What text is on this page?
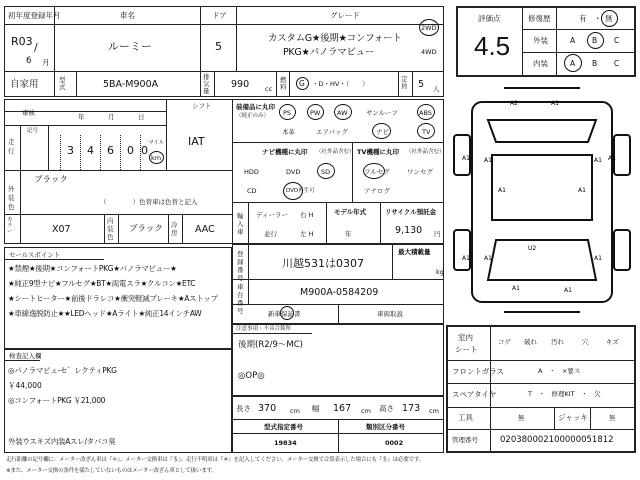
初年度登録年月
R03 /
6 月
車名
ルーミー
ドア
5
グレード
カスタムG★後期★コンフォート
PKG★パノラマビュー
2WD
4WD
自家用	型式	5BA-M900A
排気量
990 cc
燃料 G ・D・HV・（　　）
定員 5 人
シフト
IAT
車検	年	月	日
走行
記号
3 4 6 0 0
マイル
km
外装色
ブラック
（　　　　）色替車は色替と記入
カラー	X07
内装色
ブラック 冷房 AAC
装備品に丸印
（純正のみ） PS	PW	AW	サンルーフ	ABS
本革	エアバッグ	ナビ	TV
ナビ機種に丸印 （社外品含む）
HDD	DVD	SD
CD	DVD再生可
TV機種に丸印 （社外品含む）
フルセグ	ワンセグ
アナログ
輸入車
ディーラー
並行
右 H
左 H
モデル年式
年
リサイクル預託金
9,130 円
セールスポイント
★禁煙★後期★コンフォートPKG★パノラマビュー★
★純正9型ナビ★フルセグ★BT★両電スラ★クルコン★ETC
★シートヒーター★前後ドラレコ★衝突軽減ブレーキ★Aストップ
★車線逸脱防止★★LEDヘッド★Aライト★純正14インチAW
登録番号
川越531は0307
最大積載量
kg
車台番号
M900A-0584209
新車保証書	車両取説
注意事項・不具合箇所
後期(R2/9〜MC)
◎OP◎
検査記入欄
◎パノラマビュ-セ゛レクティPKG
￥44,000
◎コンフォートPKG ￥21,000
外装ウスキズ内装Aスレ/タバコ臭
長さ 370 cm 幅 167 cm 高さ 173 cm
型式指定番号
19834
類別区分番号
0002
評価点
4.5
修復歴	有 ・ 無
外装	A B C
内装	A B C
A2	A1
A1	A1
A1	A1
A1	A1
U2
A1	A1
A1	A1
A1
室内
シート
コゲ 破れ 汚れ	穴	キズ
フロントガラス	A　・　×要ス
スペアタイヤ	T　・　修理KIT　・　欠
工具	無	ジャッキ	無
管理番号	020380002100000051812
走行距離の記号欄に：メーター改ざん車は『＊』、メーター交換車は『＄』、走行不明車は『＃』を記入してください。メーター交換で合算表示した場合にも『＄』は必要です。
※また、メーター交換の条件を満たしていないものはメーター改ざん車として扱います。
